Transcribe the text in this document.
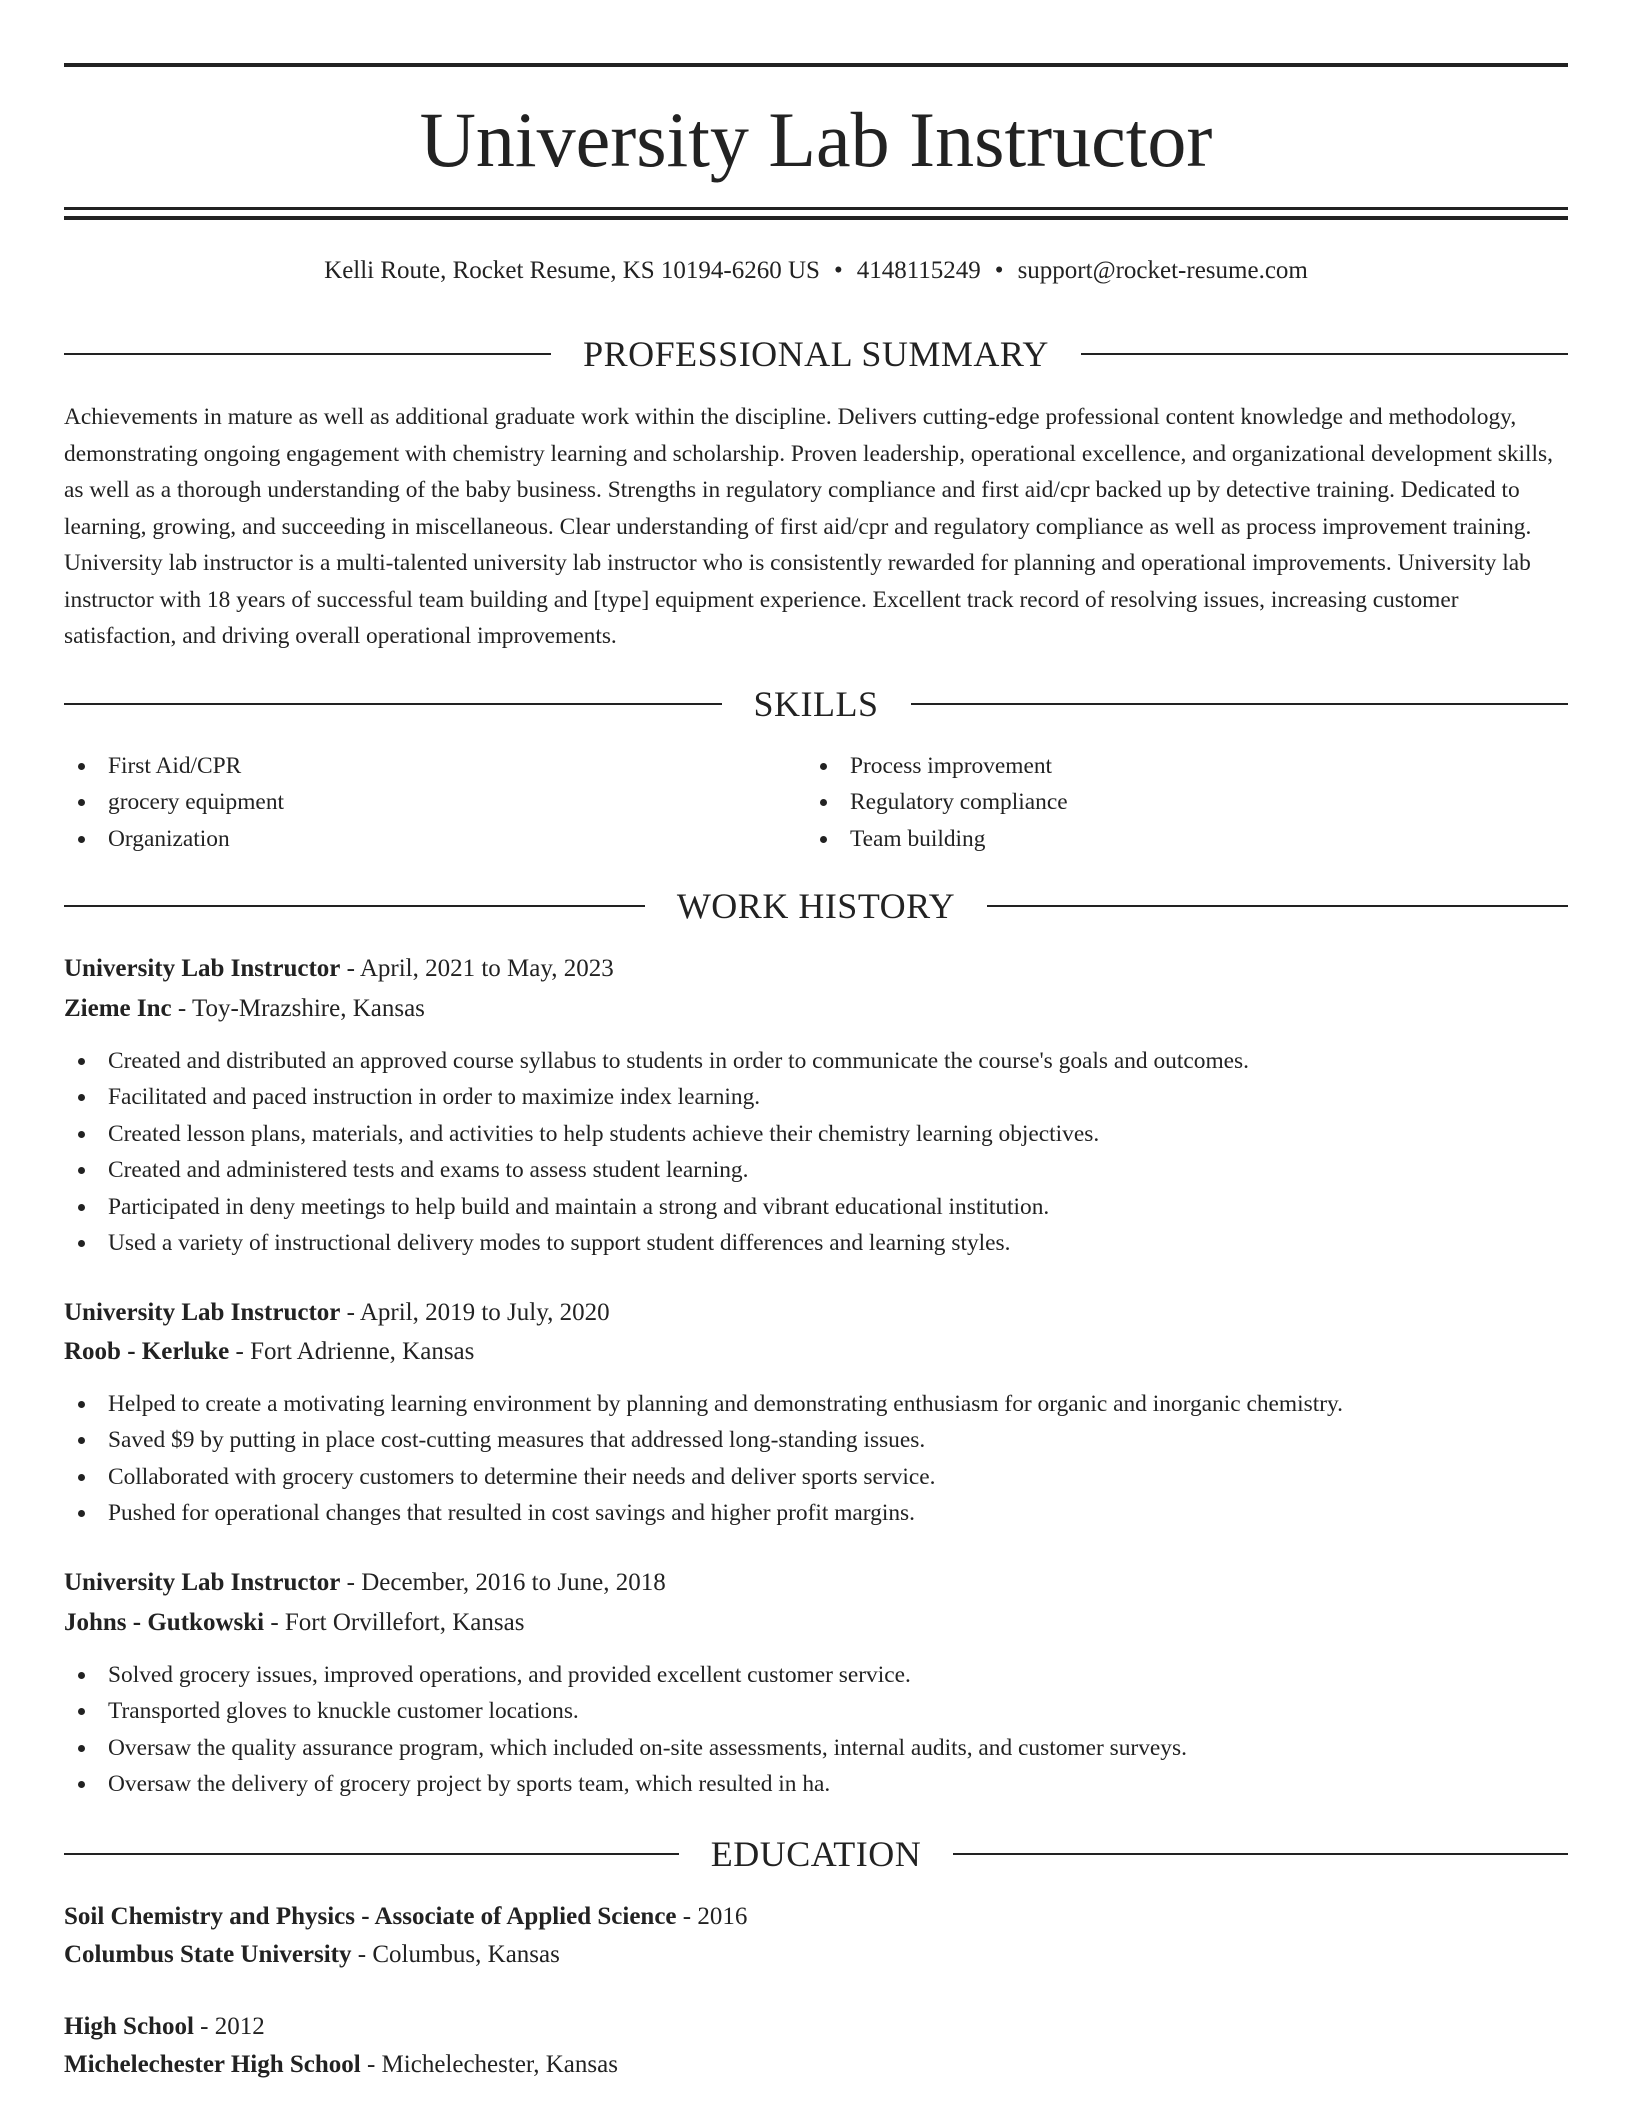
University Lab Instructor
Kelli Route, Rocket Resume, KS 10194-6260 US • 4148115249 • support@rocket-resume.com
PROFESSIONAL SUMMARY

Achievements in mature as well as additional graduate work within the discipline. Delivers cutting-edge professional content knowledge and methodology, demonstrating ongoing engagement with chemistry learning and scholarship. Proven leadership, operational excellence, and organizational development skills, as well as a thorough understanding of the baby business. Strengths in regulatory compliance and first aid/cpr backed up by detective training. Dedicated to learning, growing, and succeeding in miscellaneous. Clear understanding of first aid/cpr and regulatory compliance as well as process improvement training. University lab instructor is a multi-talented university lab instructor who is consistently rewarded for planning and operational improvements. University lab instructor with 18 years of successful team building and [type] equipment experience. Excellent track record of resolving issues, increasing customer satisfaction, and driving overall operational improvements.

SKILLS
First Aid/CPR
grocery equipment
Organization
Process improvement
Regulatory compliance
Team building
WORK HISTORY
University Lab Instructor - April, 2021 to May, 2023
Zieme Inc - Toy-Mrazshire, Kansas
Created and distributed an approved course syllabus to students in order to communicate the course's goals and outcomes.
Facilitated and paced instruction in order to maximize index learning.
Created lesson plans, materials, and activities to help students achieve their chemistry learning objectives.
Created and administered tests and exams to assess student learning.
Participated in deny meetings to help build and maintain a strong and vibrant educational institution.
Used a variety of instructional delivery modes to support student differences and learning styles.
University Lab Instructor - April, 2019 to July, 2020
Roob - Kerluke - Fort Adrienne, Kansas
Helped to create a motivating learning environment by planning and demonstrating enthusiasm for organic and inorganic chemistry.
Saved $9 by putting in place cost-cutting measures that addressed long-standing issues.
Collaborated with grocery customers to determine their needs and deliver sports service.
Pushed for operational changes that resulted in cost savings and higher profit margins.
University Lab Instructor - December, 2016 to June, 2018
Johns - Gutkowski - Fort Orvillefort, Kansas
Solved grocery issues, improved operations, and provided excellent customer service.
Transported gloves to knuckle customer locations.
Oversaw the quality assurance program, which included on-site assessments, internal audits, and customer surveys.
Oversaw the delivery of grocery project by sports team, which resulted in ha.
EDUCATION
Soil Chemistry and Physics - Associate of Applied Science - 2016
Columbus State University - Columbus, Kansas
High School - 2012
Michelechester High School - Michelechester, Kansas
